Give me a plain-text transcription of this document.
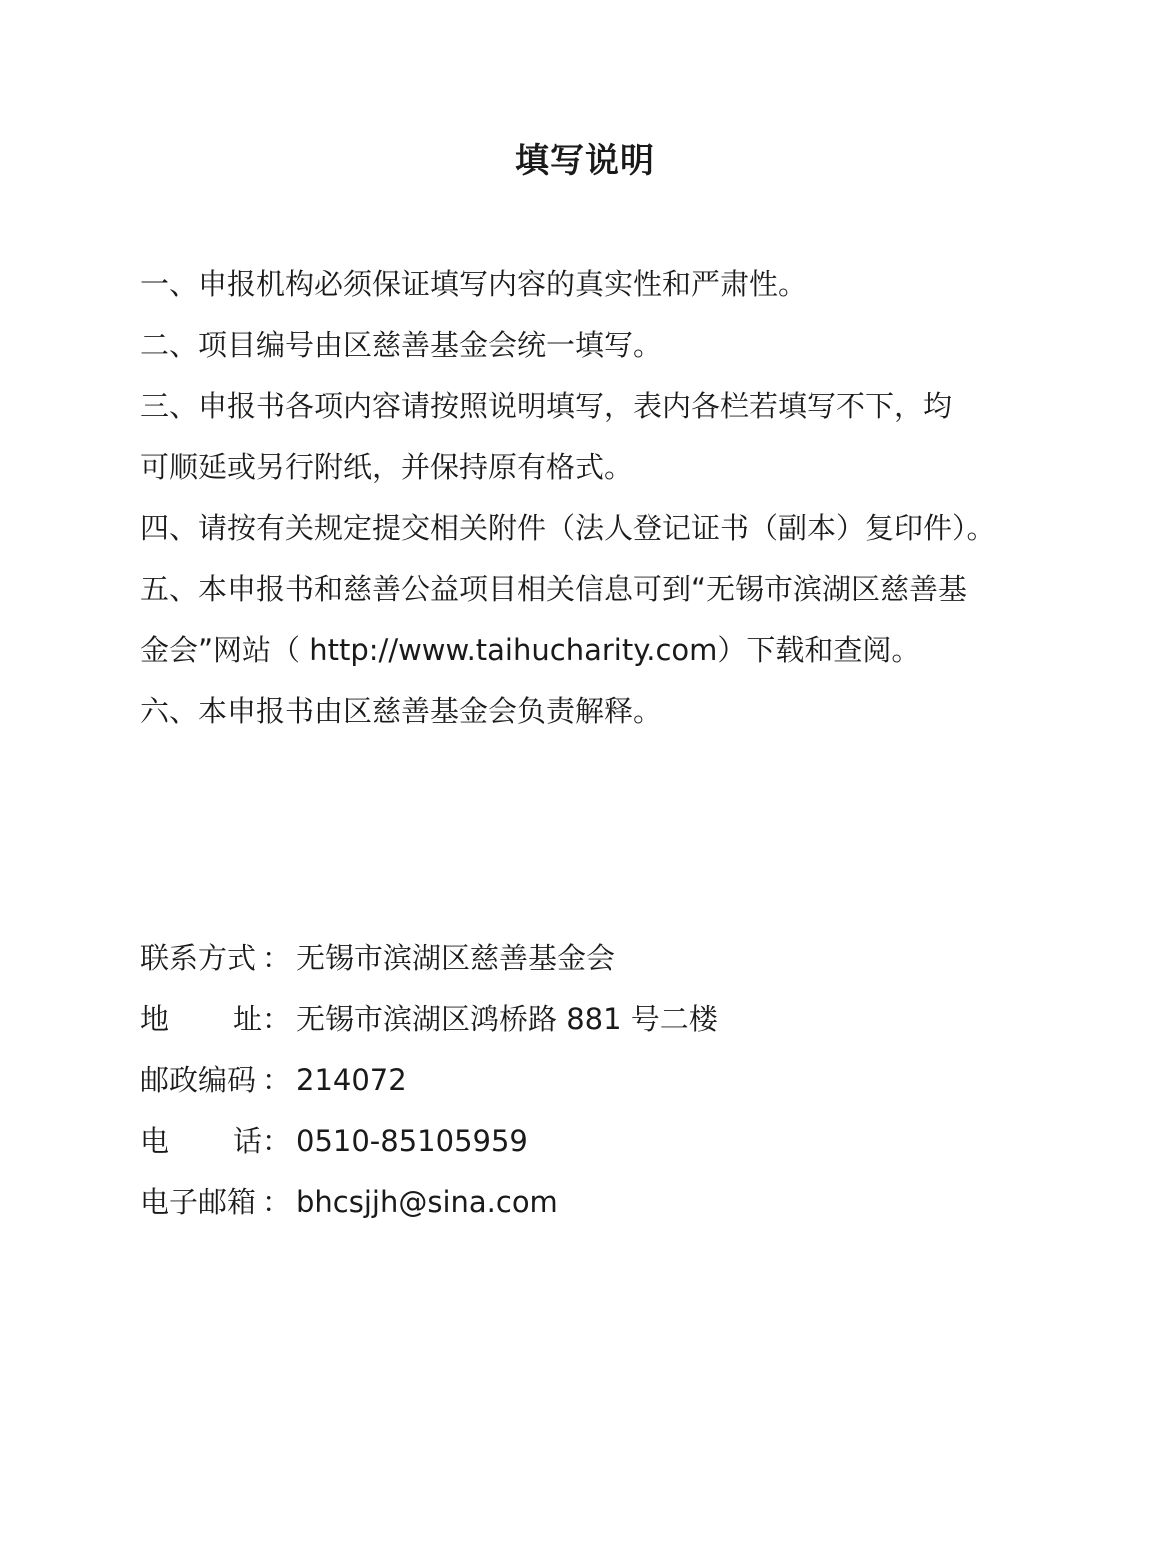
填写说明
一、申报机构必须保证填写内容的真实性和严肃性。
二、项目编号由区慈善基金会统一填写。
三、申报书各项内容请按照说明填写，表内各栏若填写不下，均
可顺延或另行附纸，并保持原有格式。
四、请按有关规定提交相关附件（法人登记证书（副本）复印件）。
五、本申报书和慈善公益项目相关信息可到“无锡市滨湖区慈善基
金会”网站（ http://www.taihucharity.com）下载和查阅。
六、本申报书由区慈善基金会负责解释。
联系方式 ： 无锡市滨湖区慈善基金会
地 址 ： 无锡市滨湖区鸿桥路 881 号二楼
邮政编码 ： 214072
电 话 ： 0510-85105959
电子邮箱 ： bhcsjjh@sina.com
